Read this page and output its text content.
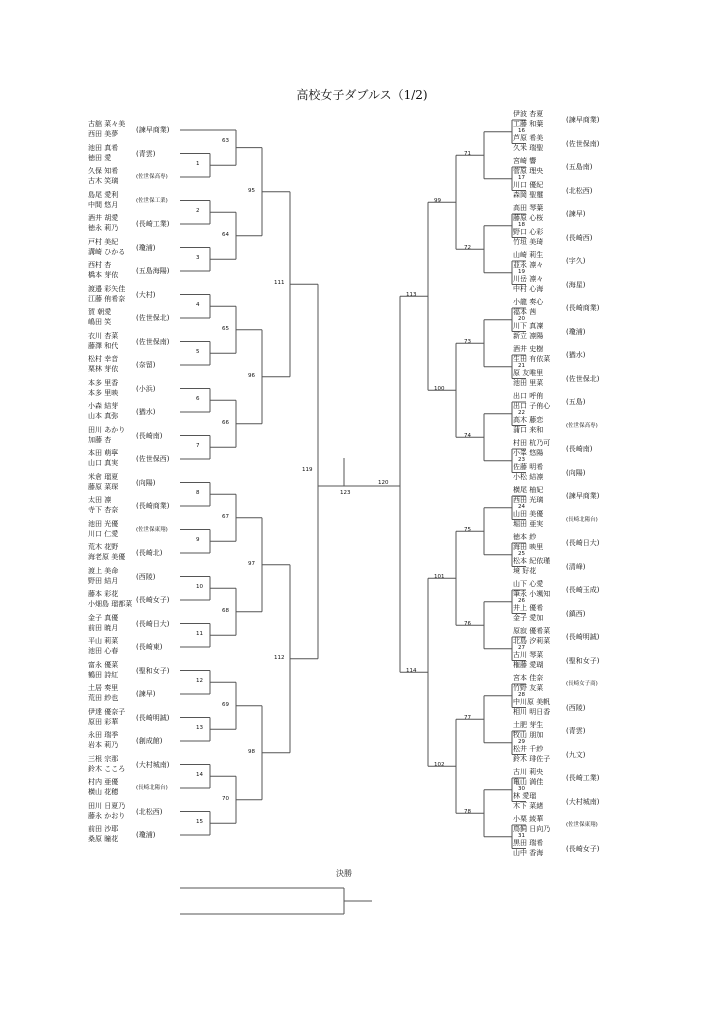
高校女子ダブルス（1/2)
古舘 菜々美
西田 美夢	(諫早商業)
池田 真希
徳田 愛	(青雲)
久保 知希
古木 笑璃	(佐世保高専)
島尾 愛利
中間 悠月	(佐世保工業)
酒井 胡愛
徳永 莉乃	(長崎工業)
戸村 美紀
溝崎 ひかる (瓊浦)
西村 杏
橋本 芽依	(五島海陽)
渡邉 彩矢佳
江藤 侑希奈 (大村)
賀 朝愛
嶋田 笑	(佐世保北)
衣川 杏菜
藤澤 和代	(佐世保南)
松村 幸音
栗林 芽依	(奈留)
本多 里香
本多 里映	(小浜)
小森 結芽
山本 真弥	(猶水)
田川 あかり
加藤 杏	(長崎南)
本田 萌寧
山口 真実	(佐世保西)
米倉 瑠夏
藤原 菜琛	(向陽)
太田 凛
寺下 杏奈	(長崎商業)
池田 光優
川口 仁愛	(佐世保東翔)
荒木 花野
海老原 美優 (長崎北)
渡上 美命
野田 結月	(西陵)
藤本 彩花
小畑島 瑠都菜 (長崎女子)
金子 真優
前田 暁月	(長崎日大)
平山 莉菜
池田 心春	(長崎東)
富永 優菜
鶴田 詩紅	(聖和女子)
土居 奏里
荒田 紗也	(諫早)
伊達 優奈子
原田 彩華	(長崎明誠)
永田 瑞季
岩本 莉乃	(創成館)
三根 宗那
鈴木 こころ (大村城南)
村内 亜優
横山 花穂	(長崎北陽台)
田川 日夏乃
藤永 かおり (北松西)
前田 沙耶
桑原 瞳花	(瓊浦)
1
2
3
4
5
6
7
8
9
10
11
12
13
14
15
63
64
65
66
67
68
69
70
95
96
97
98
111
112
119
伊波 杏夏
工藤 和葉	(諫早商業)
芦原 希美
久米 瑞聖	(佐世保南)
宮崎 響
菅原 理央	(五島南)
川口 優紀
森岡 聖璽	(北松西)
高田 琴葉
藤原 心桜	(諫早)
野口 心彩
竹垣 美琦	(長崎西)
山崎 莉生
並永 凛々	(宇久)
川岳 凛々
中村 心海	(海星)
小龍 奏心
福本 茜	(長崎商業)
川下 真凜
新立 凛陽	(瓊浦)
酒井 史樹
生田 有依菜 (猶水)
原 友唯里
池田 里菜	(佐世保北)
出口 呼侑
出口 子侑心 (五島)
高木 藤恋
蒲口 来和	(佐世保高専)
村田 杭乃可
小峯 悠陽	(長崎南)
佐藤 明希
小松 結凛	(向陽)
横尾 柚妃
西田 光璃	(諫早商業)
山田 美優
堀田 亜実	(長崎北陽台)
徳本 紗
海田 映里	(長崎日大)
松本 紀依瑾
境 好花	(清峰)
山下 心愛
筆永 小颯知 (長崎玉成)
井上 優希
金子 愛加	(鎮西)
原寂 優希菜
北島 汐莉菜 (長崎明誠)
古川 琴菜
権藤 愛瑚	(聖和女子)
宮本 佳奈
竹野 友菜	(長崎女子商)
中川原 美帆
相川 明日香 (西陵)
土肥 芽生
牧山 朋加	(青雲)
松井 千紗
鈴木 琲佐子 (九文)
古川 莉央
亀山 満佳	(長崎工業)
林 愛瑠
木下 菜緒	(大村城南)
小栗 綾華
鳥飼 日向乃	(佐世保東翔)
黒田 瑞希
山中 香海	(長崎女子)
16
17
18
19
20
21
22
23
24
25
26
27
28
29
30
31
71
72
73
74
75
76
77
78
99
100
101
102
113
114
120
123
決勝
